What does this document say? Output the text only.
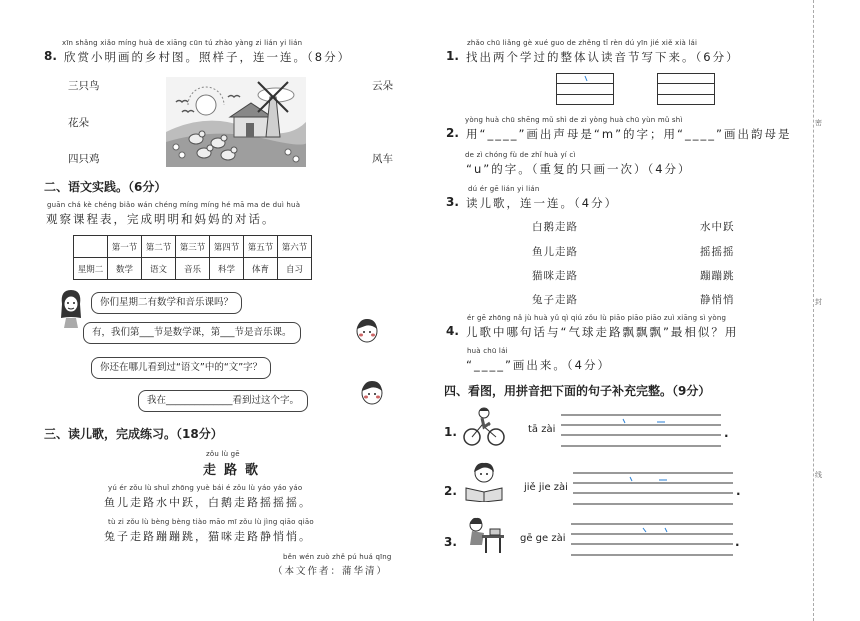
xīn shǎng xiǎo míng huà de xiāng cūn tú zhào yàng zi lián yi lián
8. 欣赏小明画的乡村图。照样子，连一连。（8分）
三只鸟
花朵
四只鸡
云朵
风车
二、语文实践。（6分）
guān chá kè chéng biǎo wán chéng míng míng hé mā ma de duì huà
观察课程表，完成明明和妈妈的对话。
	第一节	第二节	第三节	第四节	第五节	第六节
星期二	数学	语文	音乐	科学	体育	自习
你们星期二有数学和音乐课吗？
有，我们第___节是数学课，第___节是音乐课。
你还在哪儿看到过“语文”中的“文”字？
我在______________看到过这个字。
三、读儿歌，完成练习。（18分）
zǒu lù gē
走路歌
yú ér zǒu lù shuǐ zhōng yuè bái é zǒu lù yáo yáo yáo
鱼儿走路水中跃，白鹅走路摇摇摇。
tù zi zǒu lù bèng bèng tiào māo mī zǒu lù jìng qiāo qiāo
兔子走路蹦蹦跳，猫咪走路静悄悄。
běn wén zuò zhě pú huá qīng
（本文作者：蒲华清）
zhǎo chū liǎng gè xué guo de zhěng tǐ rèn dú yīn jié xiě xià lái
1. 找出两个学过的整体认读音节写下来。（6分）
yòng huà chū shēng mǔ shì de zì yòng huà chū yùn mǔ shì
2. 用“____”画出声母是“m”的字；用“____”画出韵母是
de zì chóng fù de zhǐ huà yí cì
“u”的字。（重复的只画一次）（4分）
dú ér gē lián yi lián
3. 读儿歌，连一连。（4分）
白鹅走路
鱼儿走路
猫咪走路
兔子走路
水中跃
摇摇摇
蹦蹦跳
静悄悄
ér gē zhōng nǎ jù huà yǔ qì qiú zǒu lù piāo piāo piāo zuì xiāng sì yòng
4. 儿歌中哪句话与“气球走路飘飘飘”最相似？用
huà chū lái
“____”画出来。（4分）
四、看图，用拼音把下面的句子补充完整。（9分）
1.	tā zài	.
2.	jiě jie zài	.
3.	gē ge zài	.
密
封
线
